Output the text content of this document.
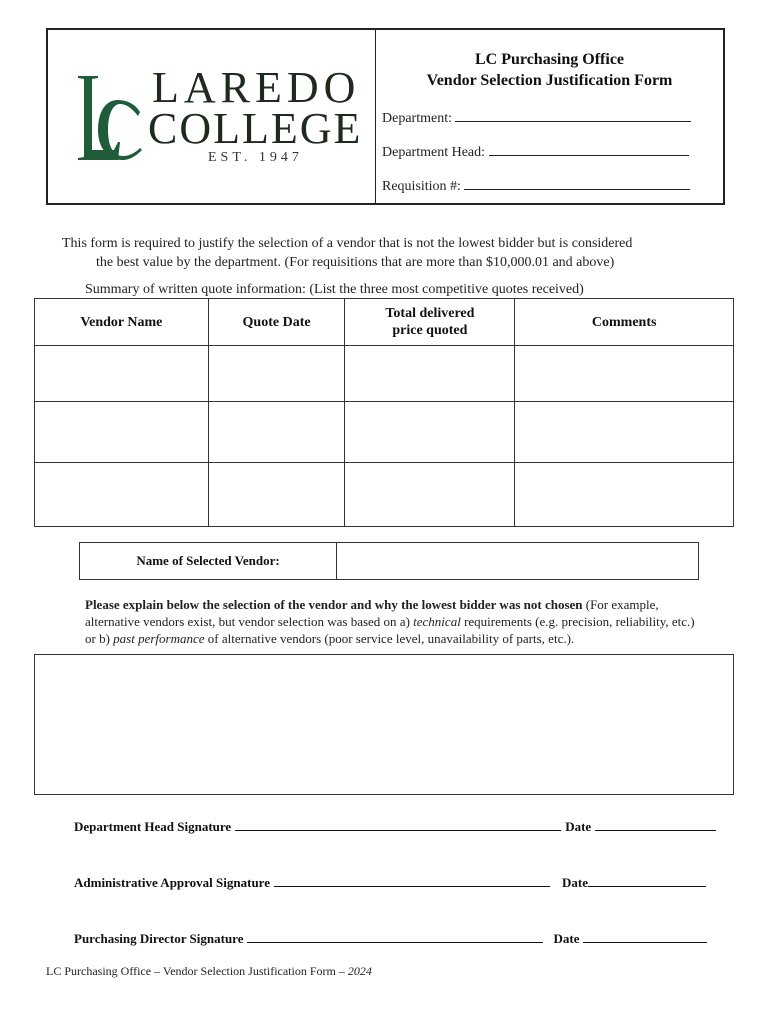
LAREDO
COLLEGE
EST. 1947
LC Purchasing Office
Vendor Selection Justification Form
Department:
Department Head:
Requisition #:
This form is required to justify the selection of a vendor that is not the lowest bidder but is considered
the best value by the department. (For requisitions that are more than $10,000.01 and above)
Summary of written quote information: (List the three most competitive quotes received)
Vendor Name	Quote Date	Total delivered price quoted	Comments

Name of Selected Vendor:
Please explain below the selection of the vendor and why the lowest bidder was not chosen (For example, alternative vendors exist, but vendor selection was based on a) technical requirements (e.g. precision, reliability, etc.) or b) past performance of alternative vendors (poor service level, unavailability of parts, etc.).
Department Head Signature	Date
Administrative Approval Signature	Date
Purchasing Director Signature	Date
LC Purchasing Office – Vendor Selection Justification Form – 2024
